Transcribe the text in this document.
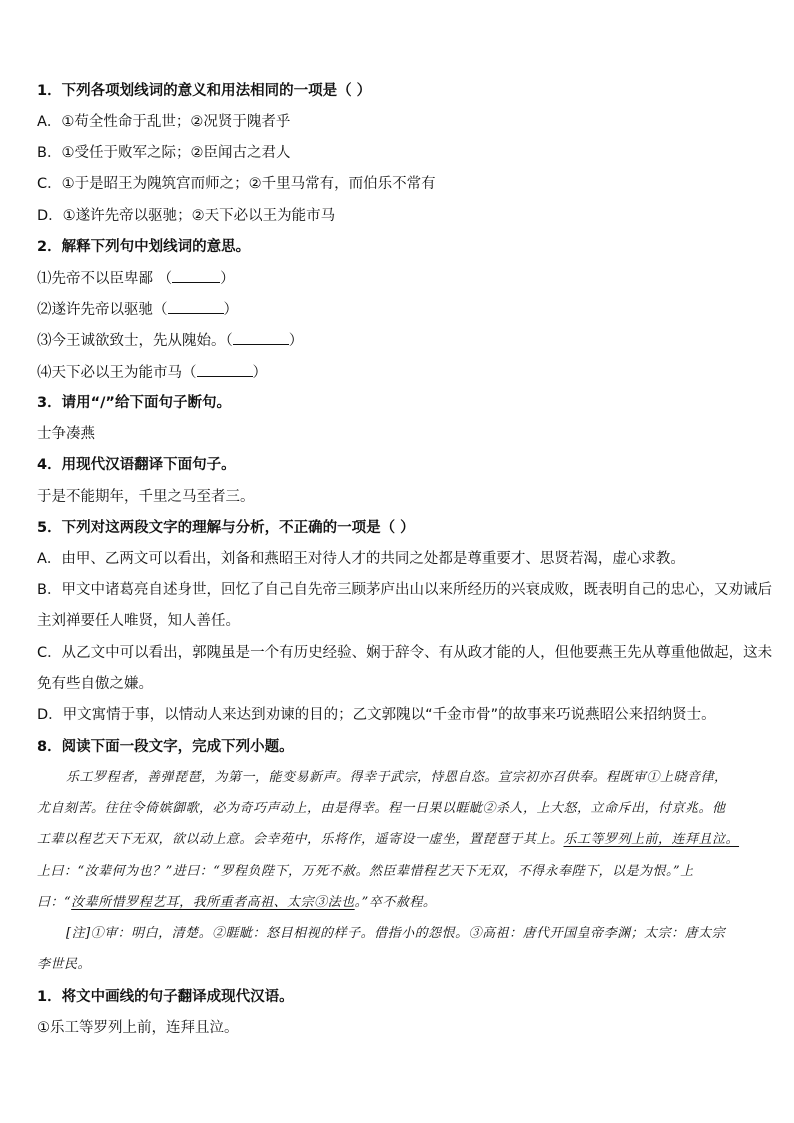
1．下列各项划线词的意义和用法相同的一项是（ ）
A．①苟全性命于乱世；②况贤于隗者乎
B．①受任于败军之际；②臣闻古之君人
C．①于是昭王为隗筑宫而师之；②千里马常有，而伯乐不常有
D．①遂许先帝以驱驰；②天下必以王为能市马
2．解释下列句中划线词的意思。
⑴先帝不以臣卑鄙 （	）
⑵遂许先帝以驱驰（	）
⑶今王诚欲致士，先从隗始。（	）
⑷天下必以王为能市马（	）
3．请用“/”给下面句子断句。
士争凑燕
4．用现代汉语翻译下面句子。
于是不能期年，千里之马至者三。
5．下列对这两段文字的理解与分析，不正确的一项是（ ）
A．由甲、乙两文可以看出，刘备和燕昭王对待人才的共同之处都是尊重要才、思贤若渴，虚心求教。
B．甲文中诸葛亮自述身世，回忆了自己自先帝三顾茅庐出山以来所经历的兴衰成败，既表明自己的忠心，又劝诫后
主刘禅要任人唯贤，知人善任。
C．从乙文中可以看出，郭隗虽是一个有历史经验、娴于辞令、有从政才能的人，但他要燕王先从尊重他做起，这未
免有些自傲之嫌。
D．甲文寓情于事，以情动人来达到劝谏的目的；乙文郭隗以“千金市骨”的故事来巧说燕昭公来招纳贤士。
8．阅读下面一段文字，完成下列小题。
乐工罗程者，善弹琵琶，为第一，能变易新声。得幸于武宗，恃恩自恣。宣宗初亦召供奉。程既审①上晓音律，
尤自刻苦。往往令倚嫔御歌，必为奇巧声动上，由是得幸。程一日果以睚眦②杀人，上大怒，立命斥出，付京兆。他
工辈以程艺天下无双，欲以动上意。会幸苑中，乐将作，遥寄设一虚坐，置琵琶于其上。乐工等罗列上前，连拜且泣。
上曰：“汝辈何为也？”进曰：“罗程负陛下，万死不赦。然臣辈惜程艺天下无双，不得永奉陛下，以是为恨。”上
曰：“汝辈所惜罗程艺耳，我所重者高祖、太宗③法也。”卒不赦程。
[注]①审：明白，清楚。②睚眦：怒目相视的样子。借指小的怨恨。③高祖：唐代开国皇帝李渊；太宗：唐太宗
李世民。
1．将文中画线的句子翻译成现代汉语。
①乐工等罗列上前，连拜且泣。
